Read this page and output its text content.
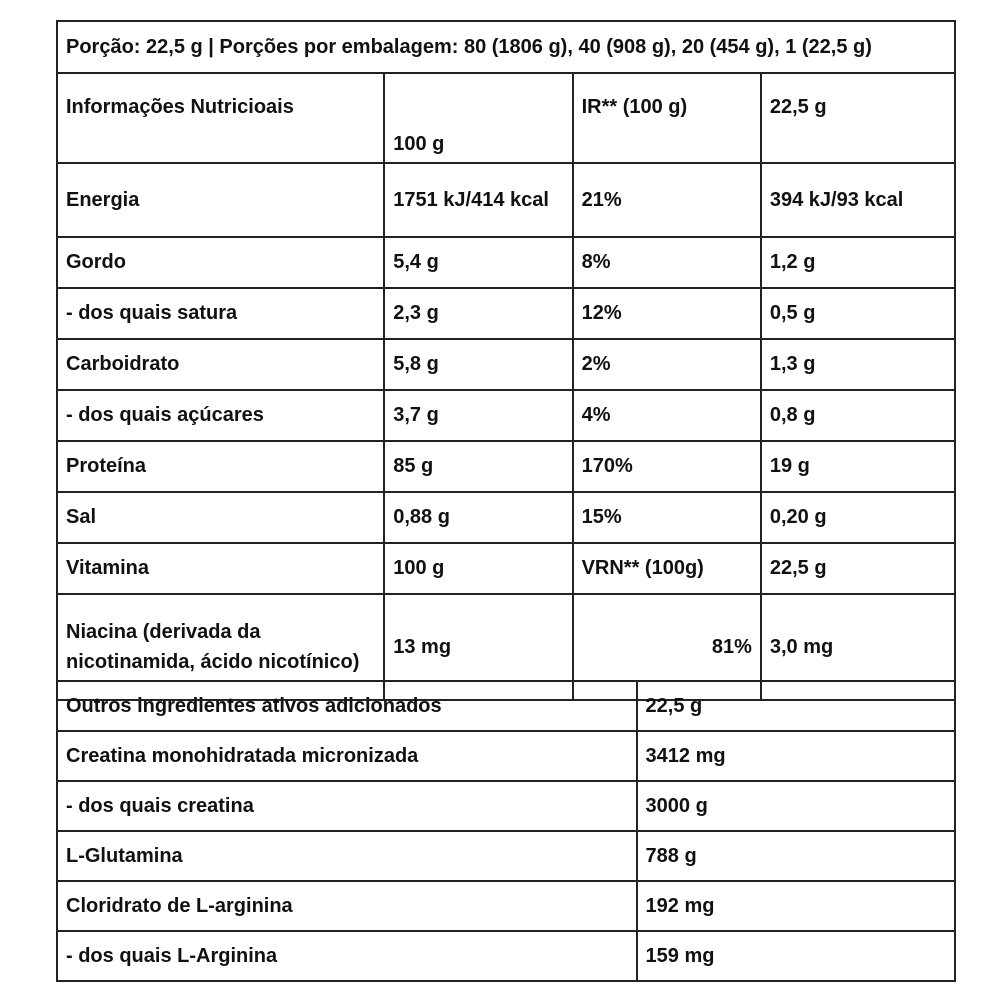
Porção: 22,5 g | Porções por embalagem: 80 (1806 g), 40 (908 g), 20 (454 g), 1 (22,5 g)			
Informações Nutricioais	100 g	IR** (100 g)	22,5 g
Energia	1751 kJ/414 kcal	21%	394 kJ/93 kcal
Gordo	5,4 g	8%	1,2 g
- dos quais satura	2,3 g	12%	0,5 g
Carboidrato	5,8 g	2%	1,3 g
- dos quais açúcares	3,7 g	4%	0,8 g
Proteína	85 g	170%	19 g
Sal	0,88 g	15%	0,20 g
Vitamina	100 g	VRN** (100g)	22,5 g
Niacina (derivada da nicotinamida, ácido nicotínico)	13 mg	81%	3,0 mg
Outros ingredientes ativos adicionados	22,5 g
Creatina monohidratada micronizada	3412 mg
- dos quais creatina	3000 g
L-Glutamina	788 g
Cloridrato de L-arginina	192 mg
- dos quais L-Arginina	159 mg
